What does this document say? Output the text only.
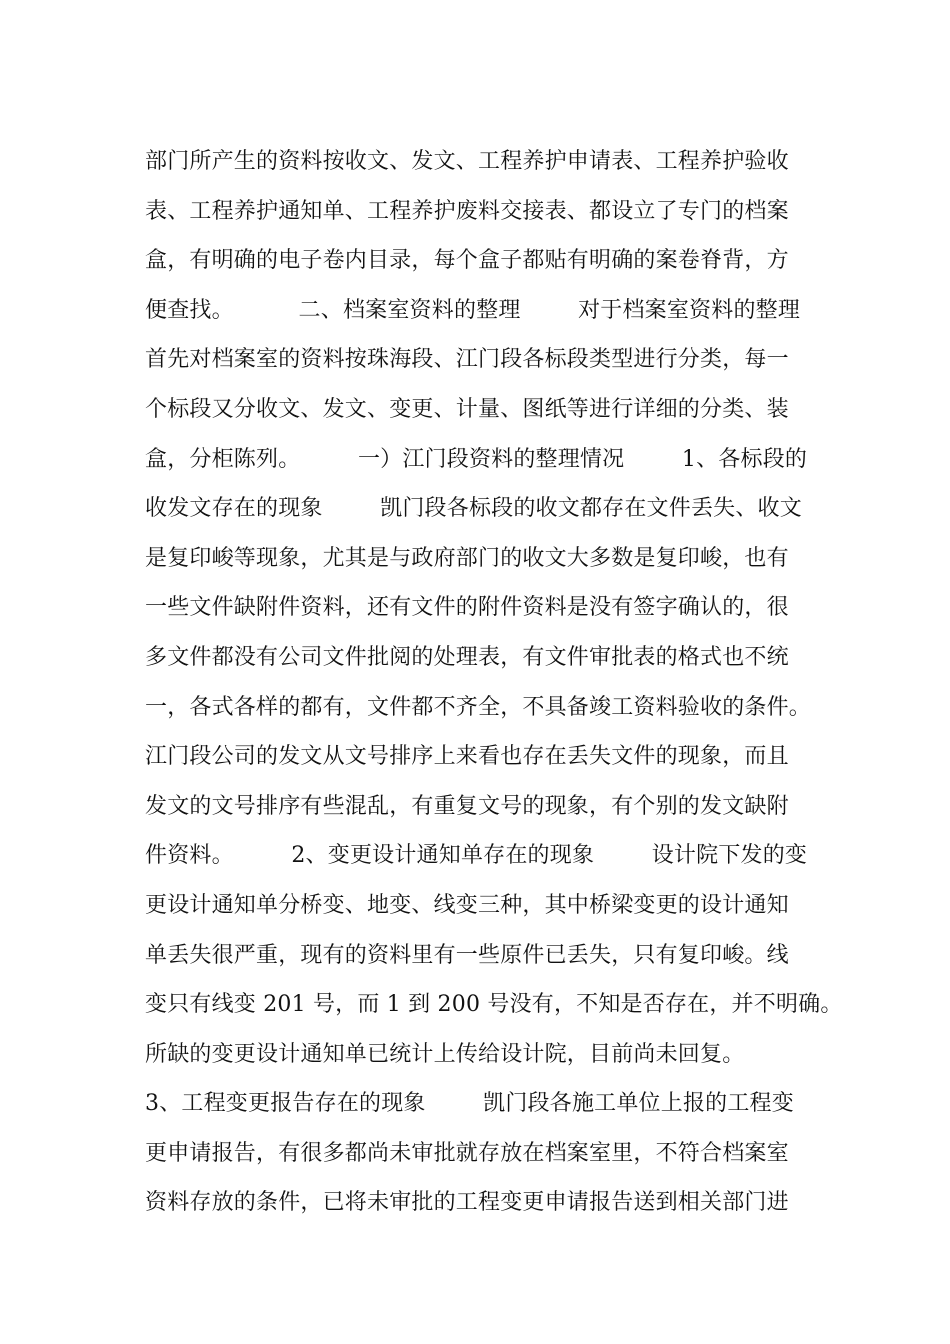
部门所产生的资料按收文、发文、工程养护申请表、工程养护验收
表、工程养护通知单、工程养护废料交接表、都设立了专门的档案
盒，有明确的电子卷内目录，每个盒子都贴有明确的案卷脊背，方
便查找。         二、档案室资料的整理        对于档案室资料的整理
首先对档案室的资料按珠海段、江门段各标段类型进行分类，每一
个标段又分收文、发文、变更、计量、图纸等进行详细的分类、装
盒，分柜陈列。        一）江门段资料的整理情况        1、各标段的
收发文存在的现象        凯门段各标段的收文都存在文件丢失、收文
是复印峻等现象，尤其是与政府部门的收文大多数是复印峻，也有
一些文件缺附件资料，还有文件的附件资料是没有签字确认的，很
多文件都没有公司文件批阅的处理表，有文件审批表的格式也不统
一，各式各样的都有，文件都不齐全，不具备竣工资料验收的条件。
江门段公司的发文从文号排序上来看也存在丢失文件的现象，而且
发文的文号排序有些混乱，有重复文号的现象，有个别的发文缺附
件资料。        2、变更设计通知单存在的现象        设计院下发的变
更设计通知单分桥变、地变、线变三种，其中桥梁变更的设计通知
单丢失很严重，现有的资料里有一些原件已丢失，只有复印峻。线
变只有线变 201 号，而 1 到 200 号没有，不知是否存在，并不明确。
所缺的变更设计通知单已统计上传给设计院，目前尚未回复。
3、工程变更报告存在的现象        凯门段各施工单位上报的工程变
更申请报告，有很多都尚未审批就存放在档案室里，不符合档案室
资料存放的条件，已将未审批的工程变更申请报告送到相关部门进
